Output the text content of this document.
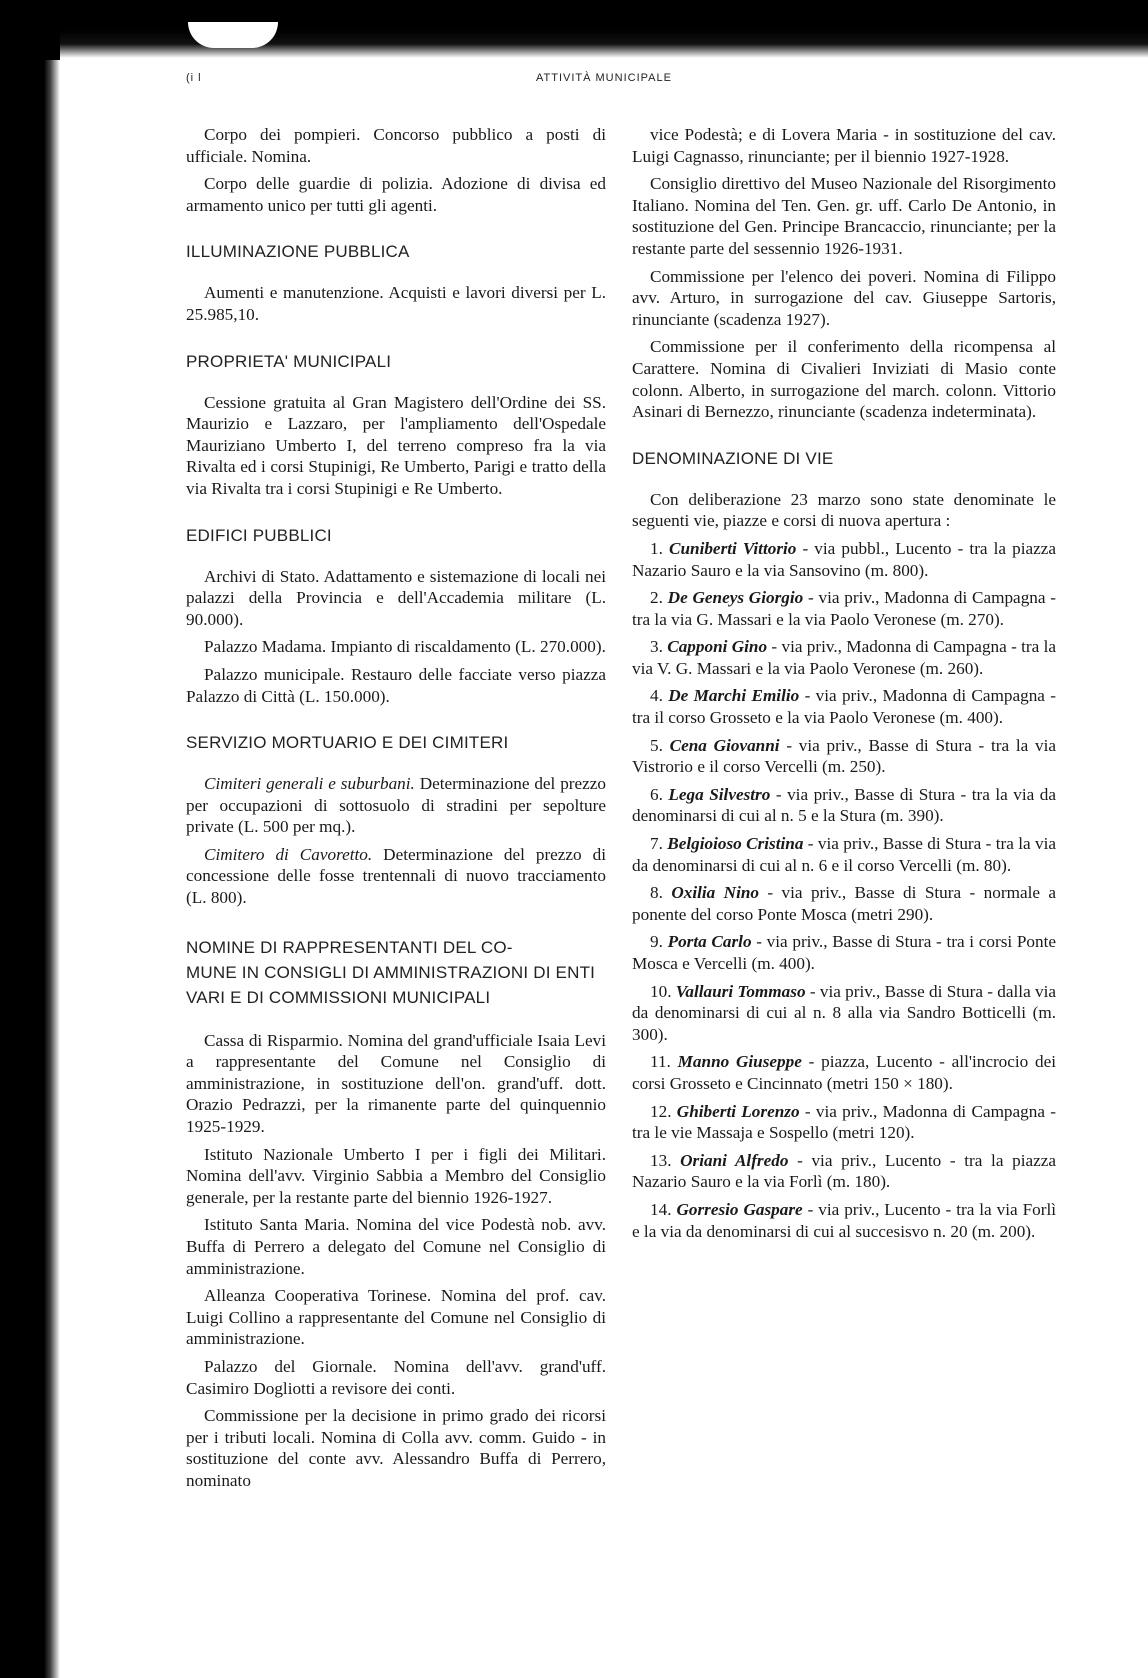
(i l	ATTIVITÀ MUNICIPALE

Corpo dei pompieri. Concorso pubblico a posti di ufficiale. Nomina.

Corpo delle guardie di polizia. Adozione di divisa ed armamento unico per tutti gli agenti.

ILLUMINAZIONE PUBBLICA

Aumenti e manutenzione. Acquisti e lavori diversi per L. 25.985,10.

PROPRIETA' MUNICIPALI

Cessione gratuita al Gran Magistero dell'Ordine dei SS. Maurizio e Lazzaro, per l'ampliamento dell'Ospedale Mauriziano Umberto I, del terreno compreso fra la via Rivalta ed i corsi Stupinigi, Re Umberto, Parigi e tratto della via Rivalta tra i corsi Stupinigi e Re Umberto.

EDIFICI PUBBLICI

Archivi di Stato. Adattamento e sistemazione di locali nei palazzi della Provincia e dell'Accademia militare (L. 90.000).

Palazzo Madama. Impianto di riscaldamento (L. 270.000).

Palazzo municipale. Restauro delle facciate verso piazza Palazzo di Città (L. 150.000).

SERVIZIO MORTUARIO E DEI CIMITERI

Cimiteri generali e suburbani. Determinazione del prezzo per occupazioni di sottosuolo di stradini per sepolture private (L. 500 per mq.).

Cimitero di Cavoretto. Determinazione del prezzo di concessione delle fosse trentennali di nuovo tracciamento (L. 800).

NOMINE DI RAPPRESENTANTI DEL CO-
MUNE IN CONSIGLI DI AMMINISTRAZIONI DI ENTI VARI E DI COMMISSIONI MUNICIPALI

Cassa di Risparmio. Nomina del grand'ufficiale Isaia Levi a rappresentante del Comune nel Consiglio di amministrazione, in sostituzione dell'on. grand'uff. dott. Orazio Pedrazzi, per la rimanente parte del quinquennio 1925-1929.

Istituto Nazionale Umberto I per i figli dei Militari. Nomina dell'avv. Virginio Sabbia a Membro del Consiglio generale, per la restante parte del biennio 1926-1927.

Istituto Santa Maria. Nomina del vice Podestà nob. avv. Buffa di Perrero a delegato del Comune nel Consiglio di amministrazione.

Alleanza Cooperativa Torinese. Nomina del prof. cav. Luigi Collino a rappresentante del Comune nel Consiglio di amministrazione.

Palazzo del Giornale. Nomina dell'avv. grand'uff. Casimiro Dogliotti a revisore dei conti.

Commissione per la decisione in primo grado dei ricorsi per i tributi locali. Nomina di Colla avv. comm. Guido - in sostituzione del conte avv. Alessandro Buffa di Perrero, nominato

vice Podestà; e di Lovera Maria - in sostituzione del cav. Luigi Cagnasso, rinunciante; per il biennio 1927-1928.

Consiglio direttivo del Museo Nazionale del Risorgimento Italiano. Nomina del Ten. Gen. gr. uff. Carlo De Antonio, in sostituzione del Gen. Principe Brancaccio, rinunciante; per la restante parte del sessennio 1926-1931.

Commissione per l'elenco dei poveri. Nomina di Filippo avv. Arturo, in surrogazione del cav. Giuseppe Sartoris, rinunciante (scadenza 1927).

Commissione per il conferimento della ricompensa al Carattere. Nomina di Civalieri Inviziati di Masio conte colonn. Alberto, in surrogazione del march. colonn. Vittorio Asinari di Bernezzo, rinunciante (scadenza indeterminata).

DENOMINAZIONE DI VIE

Con deliberazione 23 marzo sono state denominate le seguenti vie, piazze e corsi di nuova apertura :

1. Cuniberti Vittorio - via pubbl., Lucento - tra la piazza Nazario Sauro e la via Sansovino (m. 800).
2. De Geneys Giorgio - via priv., Madonna di Campagna - tra la via G. Massari e la via Paolo Veronese (m. 270).
3. Capponi Gino - via priv., Madonna di Campagna - tra la via V. G. Massari e la via Paolo Veronese (m. 260).
4. De Marchi Emilio - via priv., Madonna di Campagna - tra il corso Grosseto e la via Paolo Veronese (m. 400).
5. Cena Giovanni - via priv., Basse di Stura - tra la via Vistrorio e il corso Vercelli (m. 250).
6. Lega Silvestro - via priv., Basse di Stura - tra la via da denominarsi di cui al n. 5 e la Stura (m. 390).
7. Belgioioso Cristina - via priv., Basse di Stura - tra la via da denominarsi di cui al n. 6 e il corso Vercelli (m. 80).
8. Oxilia Nino - via priv., Basse di Stura - normale a ponente del corso Ponte Mosca (metri 290).
9. Porta Carlo - via priv., Basse di Stura - tra i corsi Ponte Mosca e Vercelli (m. 400).
10. Vallauri Tommaso - via priv., Basse di Stura - dalla via da denominarsi di cui al n. 8 alla via Sandro Botticelli (m. 300).
11. Manno Giuseppe - piazza, Lucento - all'incrocio dei corsi Grosseto e Cincinnato (metri 150 × 180).
12. Ghiberti Lorenzo - via priv., Madonna di Campagna - tra le vie Massaja e Sospello (metri 120).
13. Oriani Alfredo - via priv., Lucento - tra la piazza Nazario Sauro e la via Forlì (m. 180).
14. Gorresio Gaspare - via priv., Lucento - tra la via Forlì e la via da denominarsi di cui al succesisvo n. 20 (m. 200).
